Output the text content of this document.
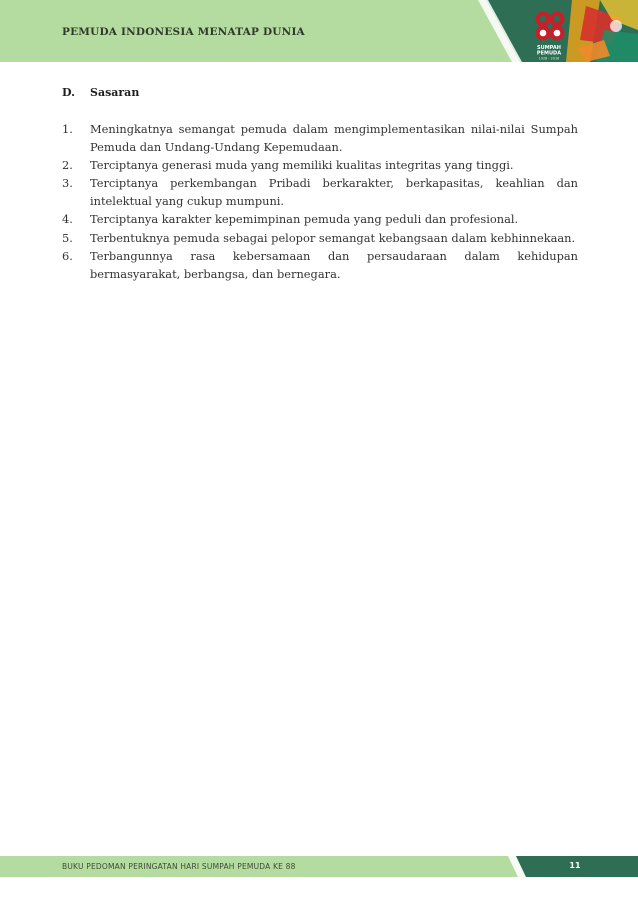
SUMPAH
PEMUDA
1928 - 2016
PEMUDA INDONESIA MENATAP DUNIA
D. Sasaran
1. Meningkatnya semangat pemuda dalam mengimplementasikan nilai-nilai Sumpah Pemuda dan Undang-Undang Kepemudaan.
2. Terciptanya generasi muda yang memiliki kualitas integritas yang tinggi.
3. Terciptanya perkembangan Pribadi berkarakter, berkapasitas, keahlian dan intelektual yang cukup mumpuni.
4. Terciptanya karakter kepemimpinan pemuda yang peduli dan profesional.
5. Terbentuknya pemuda sebagai pelopor semangat kebangsaan dalam kebhinnekaan.
6. Terbangunnya rasa kebersamaan dan persaudaraan dalam kehidupan bermasyarakat, berbangsa, dan bernegara.
BUKU PEDOMAN PERINGATAN HARI SUMPAH PEMUDA KE 88	11
